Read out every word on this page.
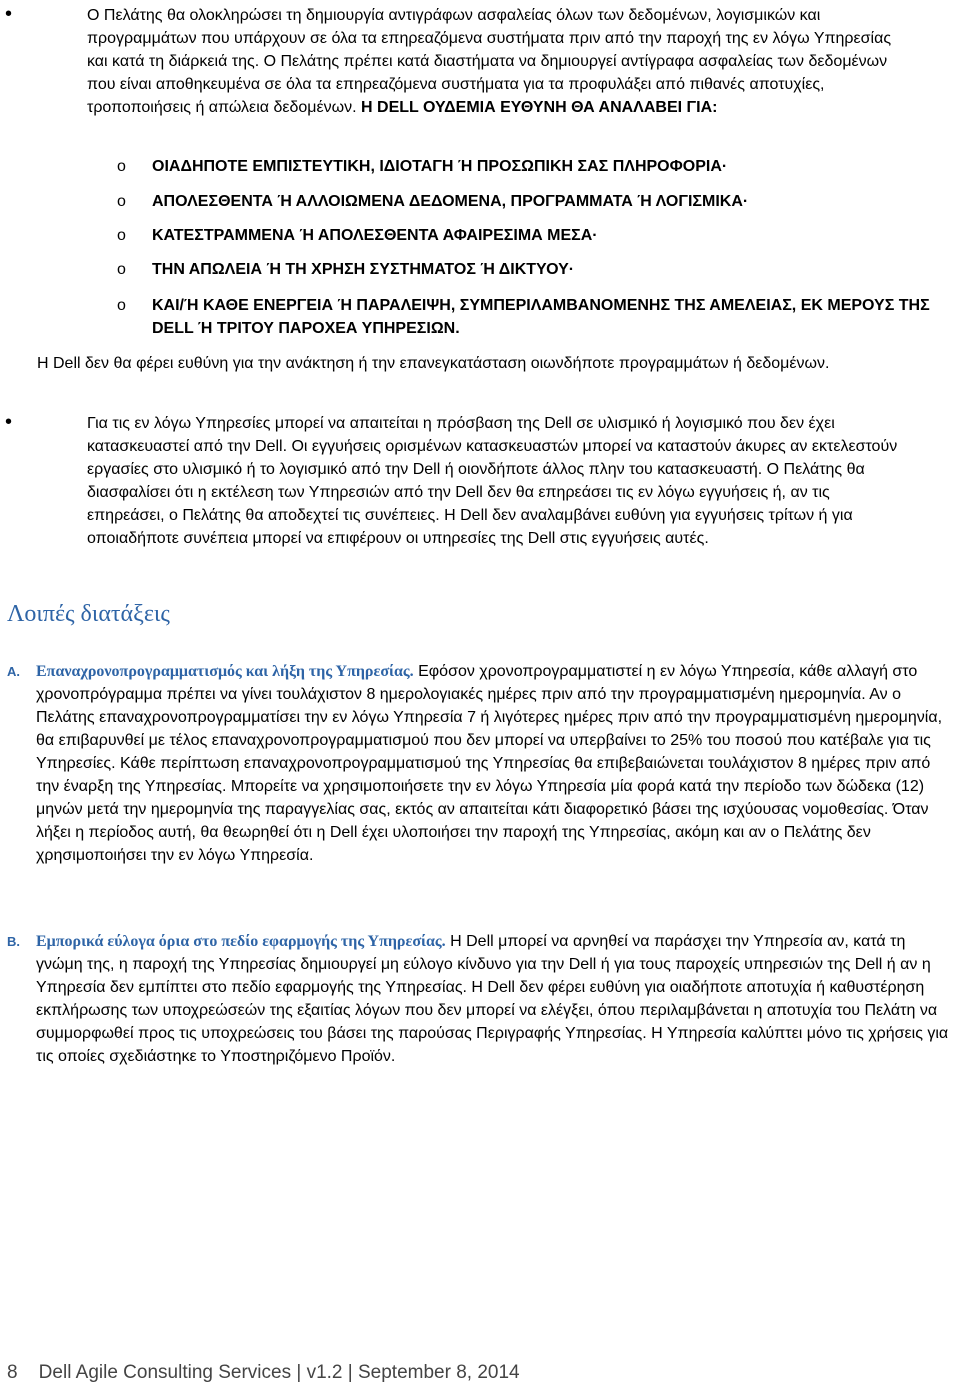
•	Ο Πελάτης θα ολοκληρώσει τη δημιουργία αντιγράφων ασφαλείας όλων των δεδομένων, λογισμικών και προγραμμάτων που υπάρχουν σε όλα τα επηρεαζόμενα συστήματα πριν από την παροχή της εν λόγω Υπηρεσίας και κατά τη διάρκειά της. Ο Πελάτης πρέπει κατά διαστήματα να δημιουργεί αντίγραφα ασφαλείας των δεδομένων που είναι αποθηκευμένα σε όλα τα επηρεαζόμενα συστήματα για τα προφυλάξει από πιθανές αποτυχίες, τροποποιήσεις ή απώλεια δεδομένων. Η DELL ΟΥΔΕΜΙΑ ΕΥΘΥΝΗ ΘΑ ΑΝΑΛΑΒΕΙ ΓΙΑ:
o ΟΙΑΔΗΠΟΤΕ ΕΜΠΙΣΤΕΥΤΙΚΗ, ΙΔΙΟΤΑΓΗ Ή ΠΡΟΣΩΠΙΚΗ ΣΑΣ ΠΛΗΡΟΦΟΡΙΑ·
o ΑΠΟΛΕΣΘΕΝΤΑ Ή ΑΛΛΟΙΩΜΕΝΑ ΔΕΔΟΜΕΝΑ, ΠΡΟΓΡΑΜΜΑΤΑ Ή ΛΟΓΙΣΜΙΚΑ·
o ΚΑΤΕΣΤΡΑΜΜΕΝΑ Ή ΑΠΟΛΕΣΘΕΝΤΑ ΑΦΑΙΡΕΣΙΜΑ ΜΕΣΑ·
o ΤΗΝ ΑΠΩΛΕΙΑ Ή ΤΗ ΧΡΗΣΗ ΣΥΣΤΗΜΑΤΟΣ Ή ΔΙΚΤΥΟΥ·
o ΚΑΙ/Ή ΚΑΘΕ ΕΝΕΡΓΕΙΑ Ή ΠΑΡΑΛΕΙΨΗ, ΣΥΜΠΕΡΙΛΑΜΒΑΝΟΜΕΝΗΣ ΤΗΣ ΑΜΕΛΕΙΑΣ, ΕΚ ΜΕΡΟΥΣ ΤΗΣ DELL Ή ΤΡΙΤΟΥ ΠΑΡΟΧΕΑ ΥΠΗΡΕΣΙΩΝ.
Η Dell δεν θα φέρει ευθύνη για την ανάκτηση ή την επανεγκατάσταση οιωνδήποτε προγραμμάτων ή δεδομένων.
•	Για τις εν λόγω Υπηρεσίες μπορεί να απαιτείται η πρόσβαση της Dell σε υλισμικό ή λογισμικό που δεν έχει κατασκευαστεί από την Dell. Οι εγγυήσεις ορισμένων κατασκευαστών μπορεί να καταστούν άκυρες αν εκτελεστούν εργασίες στο υλισμικό ή το λογισμικό από την Dell ή οιονδήποτε άλλος πλην του κατασκευαστή. Ο Πελάτης θα διασφαλίσει ότι η εκτέλεση των Υπηρεσιών από την Dell δεν θα επηρεάσει τις εν λόγω εγγυήσεις ή, αν τις επηρεάσει, ο Πελάτης θα αποδεχτεί τις συνέπειες. Η Dell δεν αναλαμβάνει ευθύνη για εγγυήσεις τρίτων ή για οποιαδήποτε συνέπεια μπορεί να επιφέρουν οι υπηρεσίες της Dell στις εγγυήσεις αυτές.
Λοιπές διατάξεις
A. Επαναχρονοπρογραμματισμός και λήξη της Υπηρεσίας. Εφόσον χρονοπρογραμματιστεί η εν λόγω Υπηρεσία, κάθε αλλαγή στο χρονοπρόγραμμα πρέπει να γίνει τουλάχιστον 8 ημερολογιακές ημέρες πριν από την προγραμματισμένη ημερομηνία. Αν ο Πελάτης επαναχρονοπρογραμματίσει την εν λόγω Υπηρεσία 7 ή λιγότερες ημέρες πριν από την προγραμματισμένη ημερομηνία, θα επιβαρυνθεί με τέλος επαναχρονοπρογραμματισμού που δεν μπορεί να υπερβαίνει το 25% του ποσού που κατέβαλε για τις Υπηρεσίες. Κάθε περίπτωση επαναχρονοπρογραμματισμού της Υπηρεσίας θα επιβεβαιώνεται τουλάχιστον 8 ημέρες πριν από την έναρξη της Υπηρεσίας. Μπορείτε να χρησιμοποιήσετε την εν λόγω Υπηρεσία μία φορά κατά την περίοδο των δώδεκα (12) μηνών μετά την ημερομηνία της παραγγελίας σας, εκτός αν απαιτείται κάτι διαφορετικό βάσει της ισχύουσας νομοθεσίας. Όταν λήξει η περίοδος αυτή, θα θεωρηθεί ότι η Dell έχει υλοποιήσει την παροχή της Υπηρεσίας, ακόμη και αν ο Πελάτης δεν χρησιμοποιήσει την εν λόγω Υπηρεσία.
B. Εμπορικά εύλογα όρια στο πεδίο εφαρμογής της Υπηρεσίας. Η Dell μπορεί να αρνηθεί να παράσχει την Υπηρεσία αν, κατά τη γνώμη της, η παροχή της Υπηρεσίας δημιουργεί μη εύλογο κίνδυνο για την Dell ή για τους παροχείς υπηρεσιών της Dell ή αν η Υπηρεσία δεν εμπίπτει στο πεδίο εφαρμογής της Υπηρεσίας. Η Dell δεν φέρει ευθύνη για οιαδήποτε αποτυχία ή καθυστέρηση εκπλήρωσης των υποχρεώσεών της εξαιτίας λόγων που δεν μπορεί να ελέγξει, όπου περιλαμβάνεται η αποτυχία του Πελάτη να συμμορφωθεί προς τις υποχρεώσεις του βάσει της παρούσας Περιγραφής Υπηρεσίας. Η Υπηρεσία καλύπτει μόνο τις χρήσεις για τις οποίες σχεδιάστηκε το Υποστηριζόμενο Προϊόν.
8    Dell Agile Consulting Services | v1.2 | September 8, 2014
